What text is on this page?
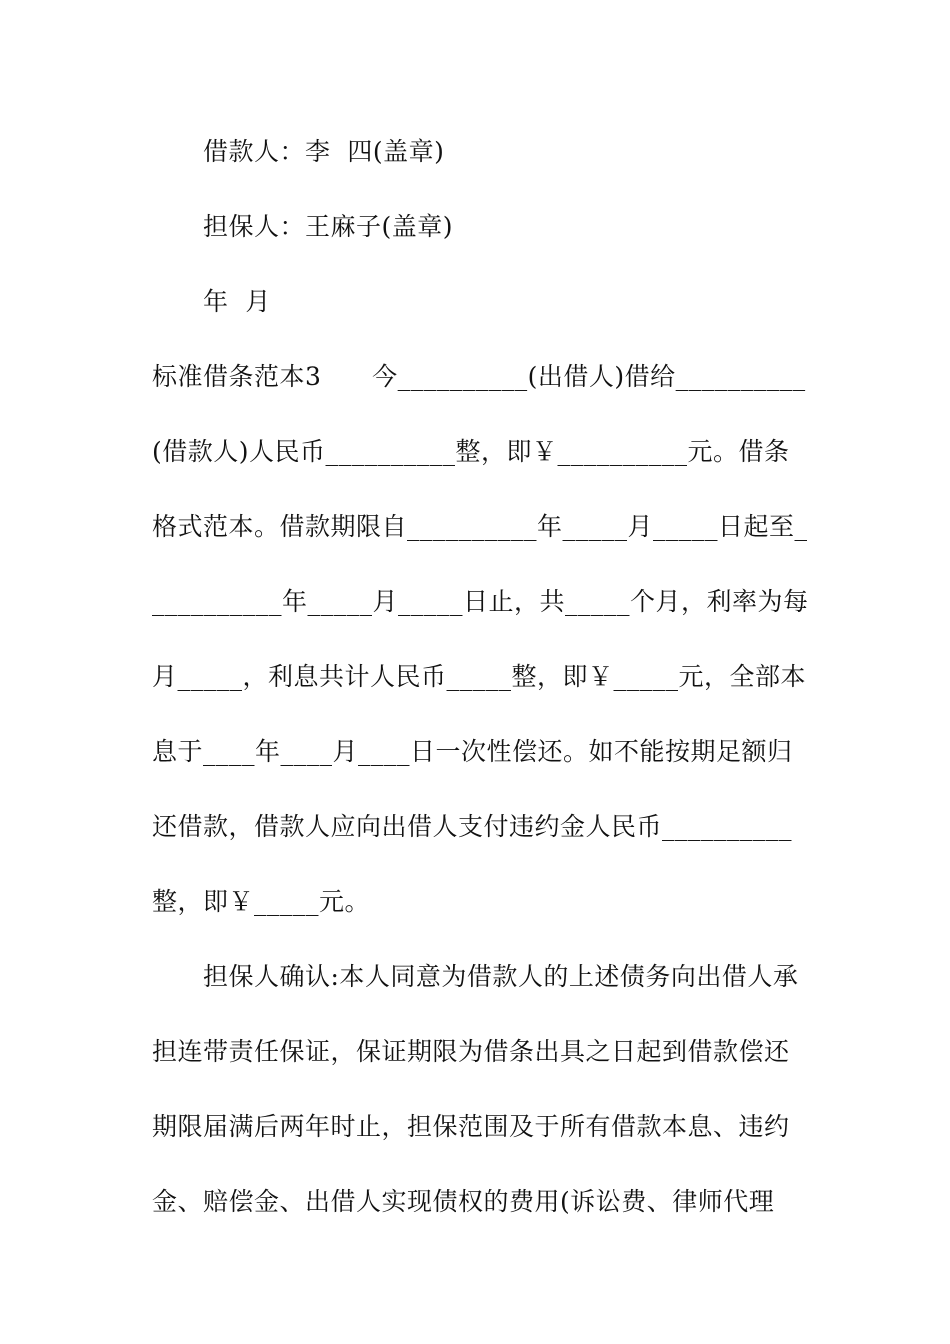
借款人：李  四(盖章)
担保人：王麻子(盖章)
年  月
标准借条范本3      今__________(出借人)借给__________
(借款人)人民币__________整，即￥__________元。借条
格式范本。借款期限自__________年_____月_____日起至_
__________年_____月_____日止，共_____个月，利率为每
月_____，利息共计人民币_____整，即￥_____元，全部本
息于____年____月____日一次性偿还。如不能按期足额归
还借款，借款人应向出借人支付违约金人民币__________
整，即￥_____元。
担保人确认:本人同意为借款人的上述债务向出借人承
担连带责任保证，保证期限为借条出具之日起到借款偿还
期限届满后两年时止，担保范围及于所有借款本息、违约
金、赔偿金、出借人实现债权的费用(诉讼费、律师代理
